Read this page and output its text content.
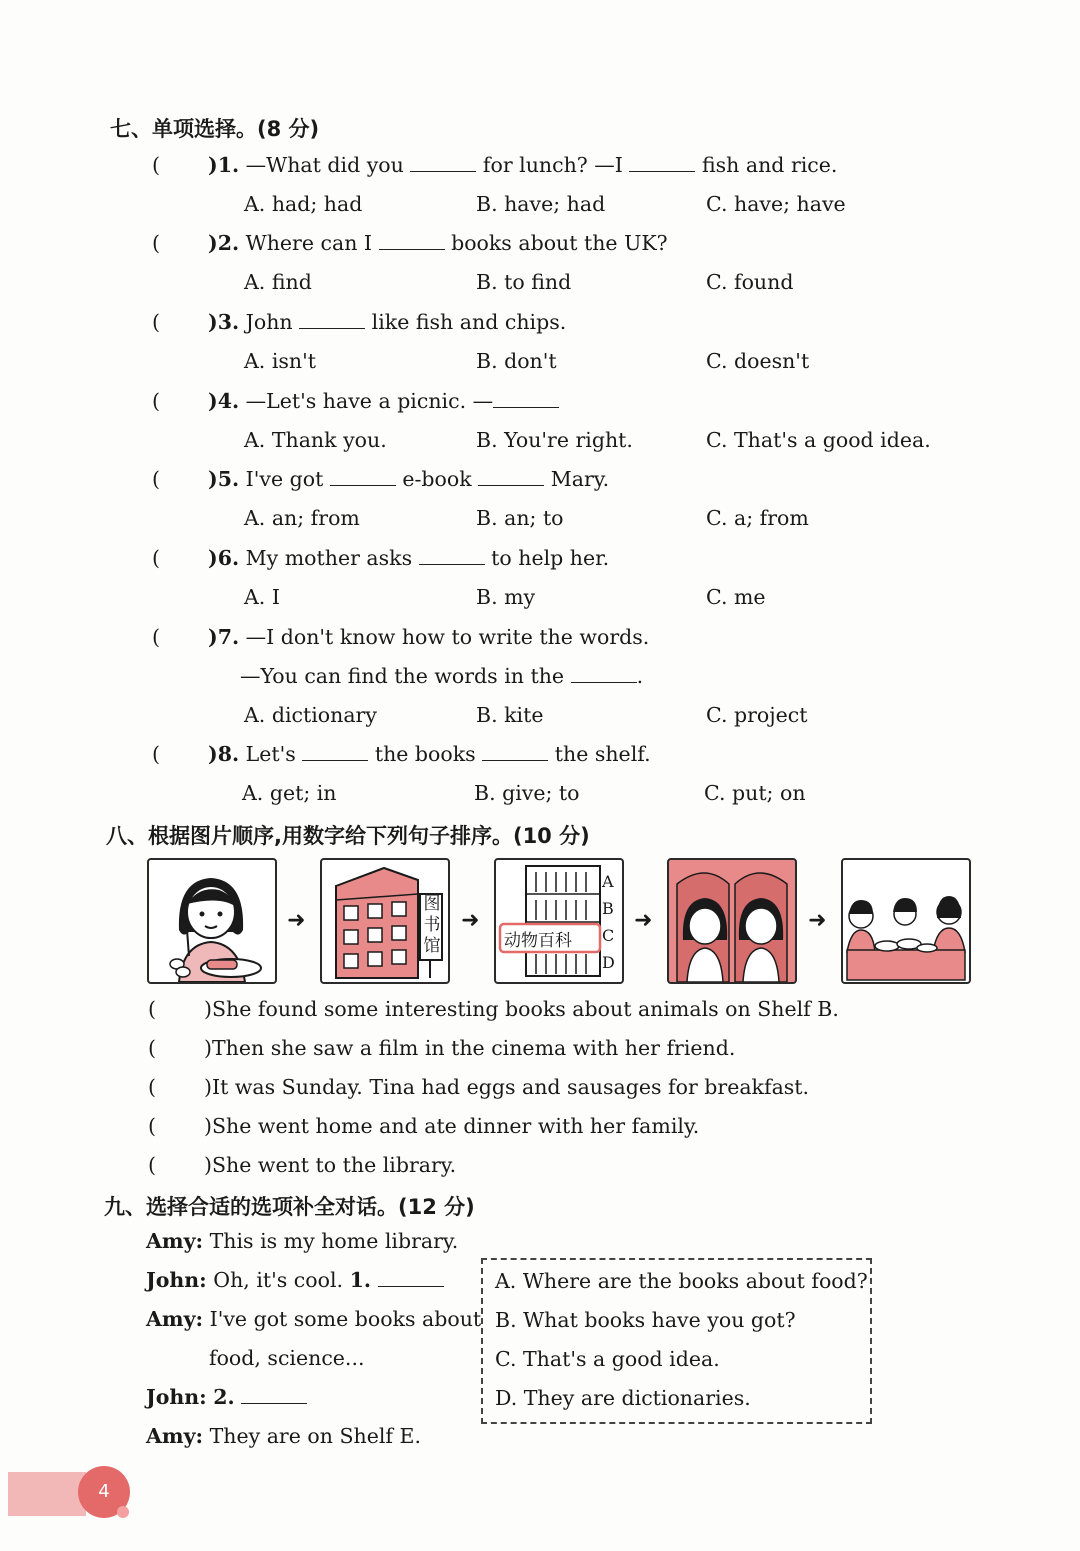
七、单项选择。(8 分)
( )1. —What did you	for lunch? —I	fish and rice.
A. had; had	B. have; had	C. have; have
( )2. Where can I	books about the UK?
A. find	B. to find	C. found
( )3. John	like fish and chips.
A. isn't	B. don't	C. doesn't
( )4. —Let's have a picnic. —
A. Thank you.	B. You're right.	C. That's a good idea.
( )5. I've got	e-book	Mary.
A. an; from	B. an; to	C. a; from
( )6. My mother asks	to help her.
A. I	B. my	C. me
( )7. —I don't know how to write the words.
—You can find the words in the	.
A. dictionary	B. kite	C. project
( )8. Let's	the books	the shelf.
A. get; in	B. give; to	C. put; on
八、根据图片顺序,用数字给下列句子排序。(10 分)
➜
图书馆
➜
动物百科
A
B
C
D
➜	➜
( )She found some interesting books about animals on Shelf B.
( )Then she saw a film in the cinema with her friend.
( )It was Sunday. Tina had eggs and sausages for breakfast.
( )She went home and ate dinner with her family.
( )She went to the library.
九、选择合适的选项补全对话。(12 分)
Amy: This is my home library.
John: Oh, it's cool. 1.
Amy: I've got some books about
food, science...
John: 2.
Amy: They are on Shelf E.
A. Where are the books about food?
B. What books have you got?
C. That's a good idea.
D. They are dictionaries.
4
